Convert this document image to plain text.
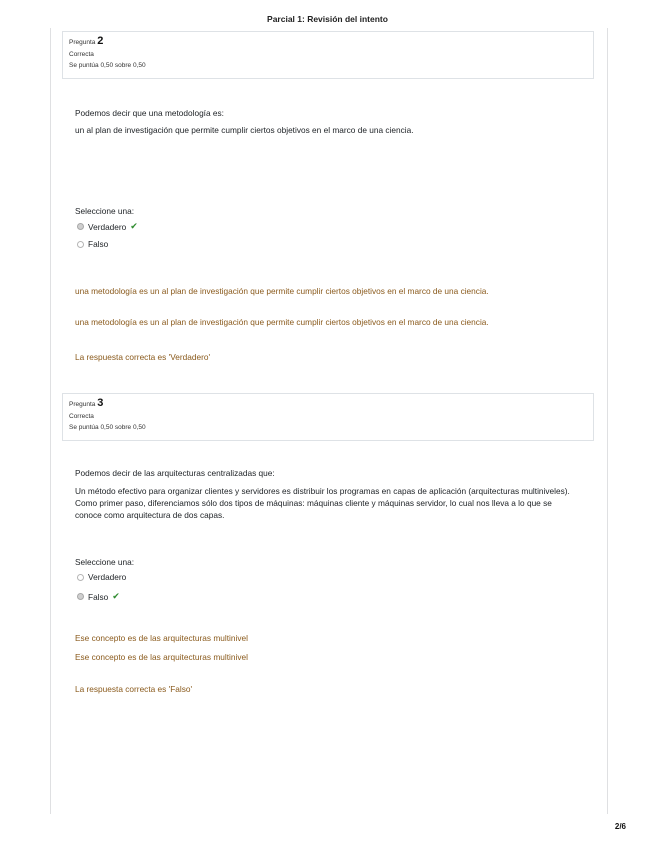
Parcial 1: Revisión del intento
Pregunta 2
Correcta
Se puntúa 0,50 sobre 0,50
Podemos decir que una metodología es:
un al plan de investigación que permite cumplir ciertos objetivos en el marco de una ciencia.
Seleccione una:
Verdadero ✔
Falso
una metodología es un al plan de investigación que permite cumplir ciertos objetivos en el marco de una ciencia.
una metodología es un al plan de investigación que permite cumplir ciertos objetivos en el marco de una ciencia.
La respuesta correcta es 'Verdadero'
Pregunta 3
Correcta
Se puntúa 0,50 sobre 0,50
Podemos decir de las arquitecturas centralizadas que:
Un método efectivo para organizar clientes y servidores es distribuir los programas en capas de aplicación (arquitecturas multiniveles). Como primer paso, diferenciamos sólo dos tipos de máquinas: máquinas cliente y máquinas servidor, lo cual nos lleva a lo que se conoce como arquitectura de dos capas.
Seleccione una:
Verdadero
Falso ✔
Ese concepto es de las arquitecturas multinivel
Ese concepto es de las arquitecturas multinivel
La respuesta correcta es 'Falso'
2/6
